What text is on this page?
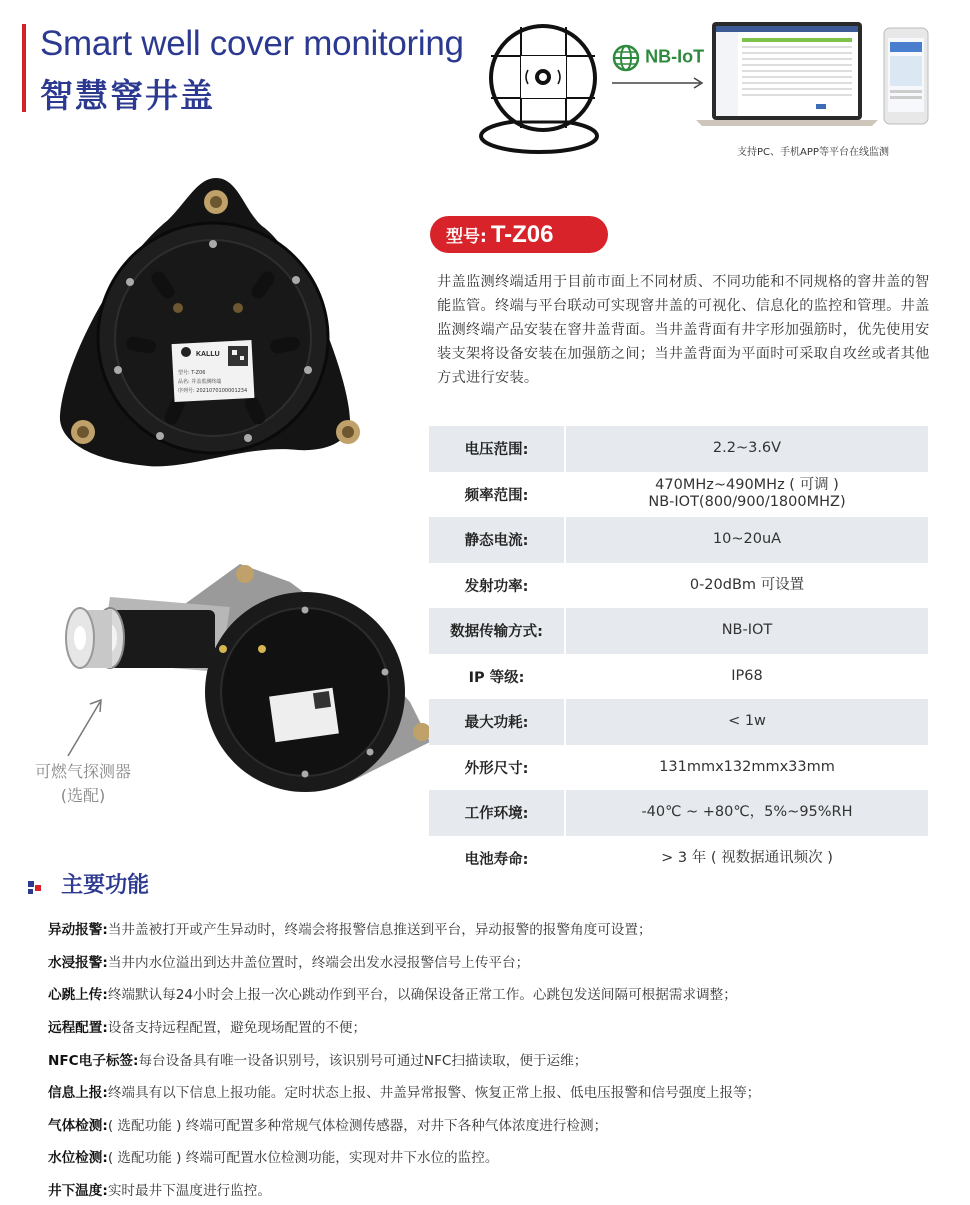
Smart well cover monitoring
智慧窨井盖
NB-IoT
支持PC、手机APP等平台在线监测
KALLU
型号: T-Z06
品名: 井盖监测终端
序列号: 2021070100001234
可燃气探测器
(选配)
型号: T-Z06
井盖监测终端适用于目前市面上不同材质、不同功能和不同规格的窨井盖的智能监管。终端与平台联动可实现窨井盖的可视化、信息化的监控和管理。井盖监测终端产品安装在窨井盖背面。当井盖背面有井字形加强筋时，优先使用安装支架将设备安装在加强筋之间；当井盖背面为平面时可采取自攻丝或者其他方式进行安装。
电压范围:	2.2~3.6V
频率范围:
470MHz~490MHz ( 可调 )
NB-IOT(800/900/1800MHZ)
静态电流:	10~20uA
发射功率:	0-20dBm 可设置
数据传输方式:	NB-IOT
IP 等级:	IP68
最大功耗:	< 1w
外形尺寸:	131mmx132mmx33mm
工作环境:	-40℃ ~ +80℃，5%~95%RH
电池寿命:	> 3 年 ( 视数据通讯频次 )
主要功能
异动报警: 当井盖被打开或产生异动时，终端会将报警信息推送到平台，异动报警的报警角度可设置；
水浸报警: 当井内水位溢出到达井盖位置时，终端会出发水浸报警信号上传平台；
心跳上传: 终端默认每24小时会上报一次心跳动作到平台，以确保设备正常工作。心跳包发送间隔可根据需求调整；
远程配置: 设备支持远程配置，避免现场配置的不便；
NFC电子标签: 每台设备具有唯一设备识别号，该识别号可通过NFC扫描读取，便于运维；
信息上报: 终端具有以下信息上报功能。定时状态上报、井盖异常报警、恢复正常上报、低电压报警和信号强度上报等；
气体检测: ( 选配功能 ) 终端可配置多种常规气体检测传感器，对井下各种气体浓度进行检测；
水位检测: ( 选配功能 ) 终端可配置水位检测功能，实现对井下水位的监控。
井下温度: 实时最井下温度进行监控。
